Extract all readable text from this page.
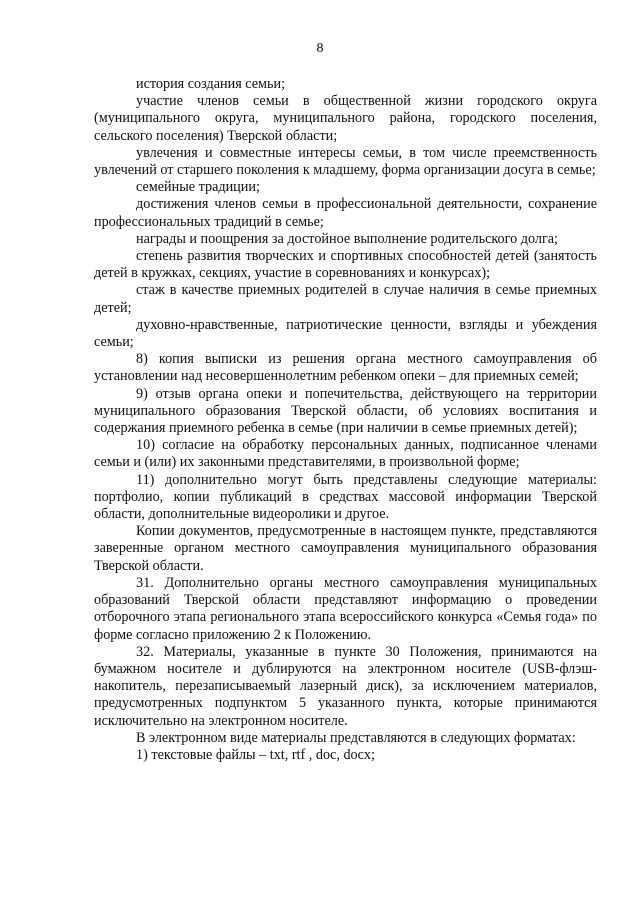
8

история создания семьи;

участие членов семьи в общественной жизни городского округа (муниципального округа, муниципального района, городского поселения, сельского поселения) Тверской области;

увлечения и совместные интересы семьи, в том числе преемственность увлечений от старшего поколения к младшему, форма организации досуга в семье;

семейные традиции;

достижения членов семьи в профессиональной деятельности, сохранение профессиональных традиций в семье;

награды и поощрения за достойное выполнение родительского долга;

степень развития творческих и спортивных способностей детей (занятость детей в кружках, секциях, участие в соревнованиях и конкурсах);

стаж в качестве приемных родителей в случае наличия в семье приемных детей;

духовно-нравственные, патриотические ценности, взгляды и убеждения семьи;

8) копия выписки из решения органа местного самоуправления об установлении над несовершеннолетним ребенком опеки – для приемных семей;

9) отзыв органа опеки и попечительства, действующего на территории муниципального образования Тверской области, об условиях воспитания и содержания приемного ребенка в семье (при наличии в семье приемных детей);

10) согласие на обработку персональных данных, подписанное членами семьи и (или) их законными представителями, в произвольной форме;

11) дополнительно могут быть представлены следующие материалы: портфолио, копии публикаций в средствах массовой информации Тверской области, дополнительные видеоролики и другое.

Копии документов, предусмотренные в настоящем пункте, представляются заверенные органом местного самоуправления муниципального образования Тверской области.

31. Дополнительно органы местного самоуправления муниципальных образований Тверской области представляют информацию о проведении отборочного этапа регионального этапа всероссийского конкурса «Семья года» по форме согласно приложению 2 к Положению.

32. Материалы, указанные в пункте 30 Положения, принимаются на бумажном носителе и дублируются на электронном носителе (USB-флэш-накопитель, перезаписываемый лазерный диск), за исключением материалов, предусмотренных подпунктом 5 указанного пункта, которые принимаются исключительно на электронном носителе.

В электронном виде материалы представляются в следующих форматах:

1) текстовые файлы – txt, rtf , doc, docx;
